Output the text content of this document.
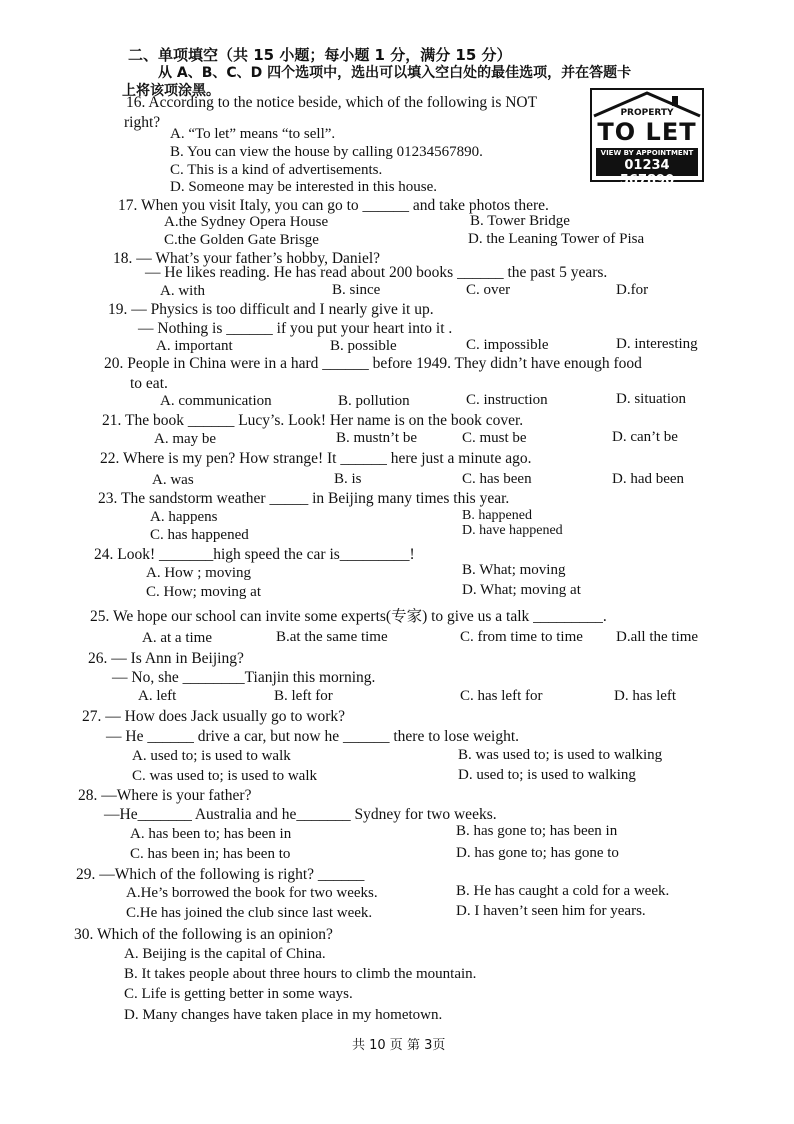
二、单项填空（共 15 小题；每小题 1 分，满分 15 分）
从 A、B、C、D 四个选项中，选出可以填入空白处的最佳选项，并在答题卡
上将该项涂黑。
PROPERTY
TO LET
VIEW BY APPOINTMENT
01234 567890
16. According to the notice beside, which of the following is NOT
right?
A. “To let” means “to sell”.
B. You can view the house by calling 01234567890.
C. This is a kind of advertisements.
D. Someone may be interested in this house.
17. When you visit Italy, you can go to ______ and take photos there.
A.the Sydney Opera House	B. Tower Bridge
C.the Golden Gate Brisge	D. the Leaning Tower of Pisa
18. — What’s your father’s hobby, Daniel?
— He likes reading. He has read about 200 books ______ the past 5 years.
A. with	B. since	C. over	D.for
19. — Physics is too difficult and I nearly give it up.
— Nothing is ______ if you put your heart into it .
A. important	B. possible	C. impossible	D. interesting
20. People in China were in a hard ______ before 1949. They didn’t have enough food
to eat.
A. communication	B. pollution	C. instruction	D. situation
21. The book ______ Lucy’s. Look! Her name is on the book cover.
A. may be	B. mustn’t be	C. must be	D. can’t be
22. Where is my pen? How strange! It ______ here just a minute ago.
A. was	B. is	C. has been	D. had been
23. The sandstorm weather _____ in Beijing many times this year.
A. happens	B. happened
C. has happened	D. have happened
24. Look! _______high speed the car is_________!
A. How ; moving	B. What; moving
C. How; moving at	D. What; moving at
25. We hope our school can invite some experts(专家) to give us a talk _________.
A. at a time	B.at the same time	C. from time to time D.all the time
26. — Is Ann in Beijing?
— No, she ________Tianjin this morning.
A. left	B. left for	C. has left for	D. has left
27. — How does Jack usually go to work?
— He ______ drive a car, but now he ______ there to lose weight.
A. used to; is used to walk	B. was used to; is used to walking
C. was used to; is used to walk	D. used to; is used to walking
28. —Where is your father?
—He_______ Australia and he_______ Sydney for two weeks.
A. has been to; has been in	B. has gone to; has been in
C. has been in; has been to	D. has gone to; has gone to
29. —Which of the following is right? ______
A.He’s borrowed the book for two weeks.	B. He has caught a cold for a week.
C.He has joined the club since last week.	D. I haven’t seen him for years.
30. Which of the following is an opinion?
A. Beijing is the capital of China.
B. It takes people about three hours to climb the mountain.
C. Life is getting better in some ways.
D. Many changes have taken place in my hometown.
共 10 页 第 3页
